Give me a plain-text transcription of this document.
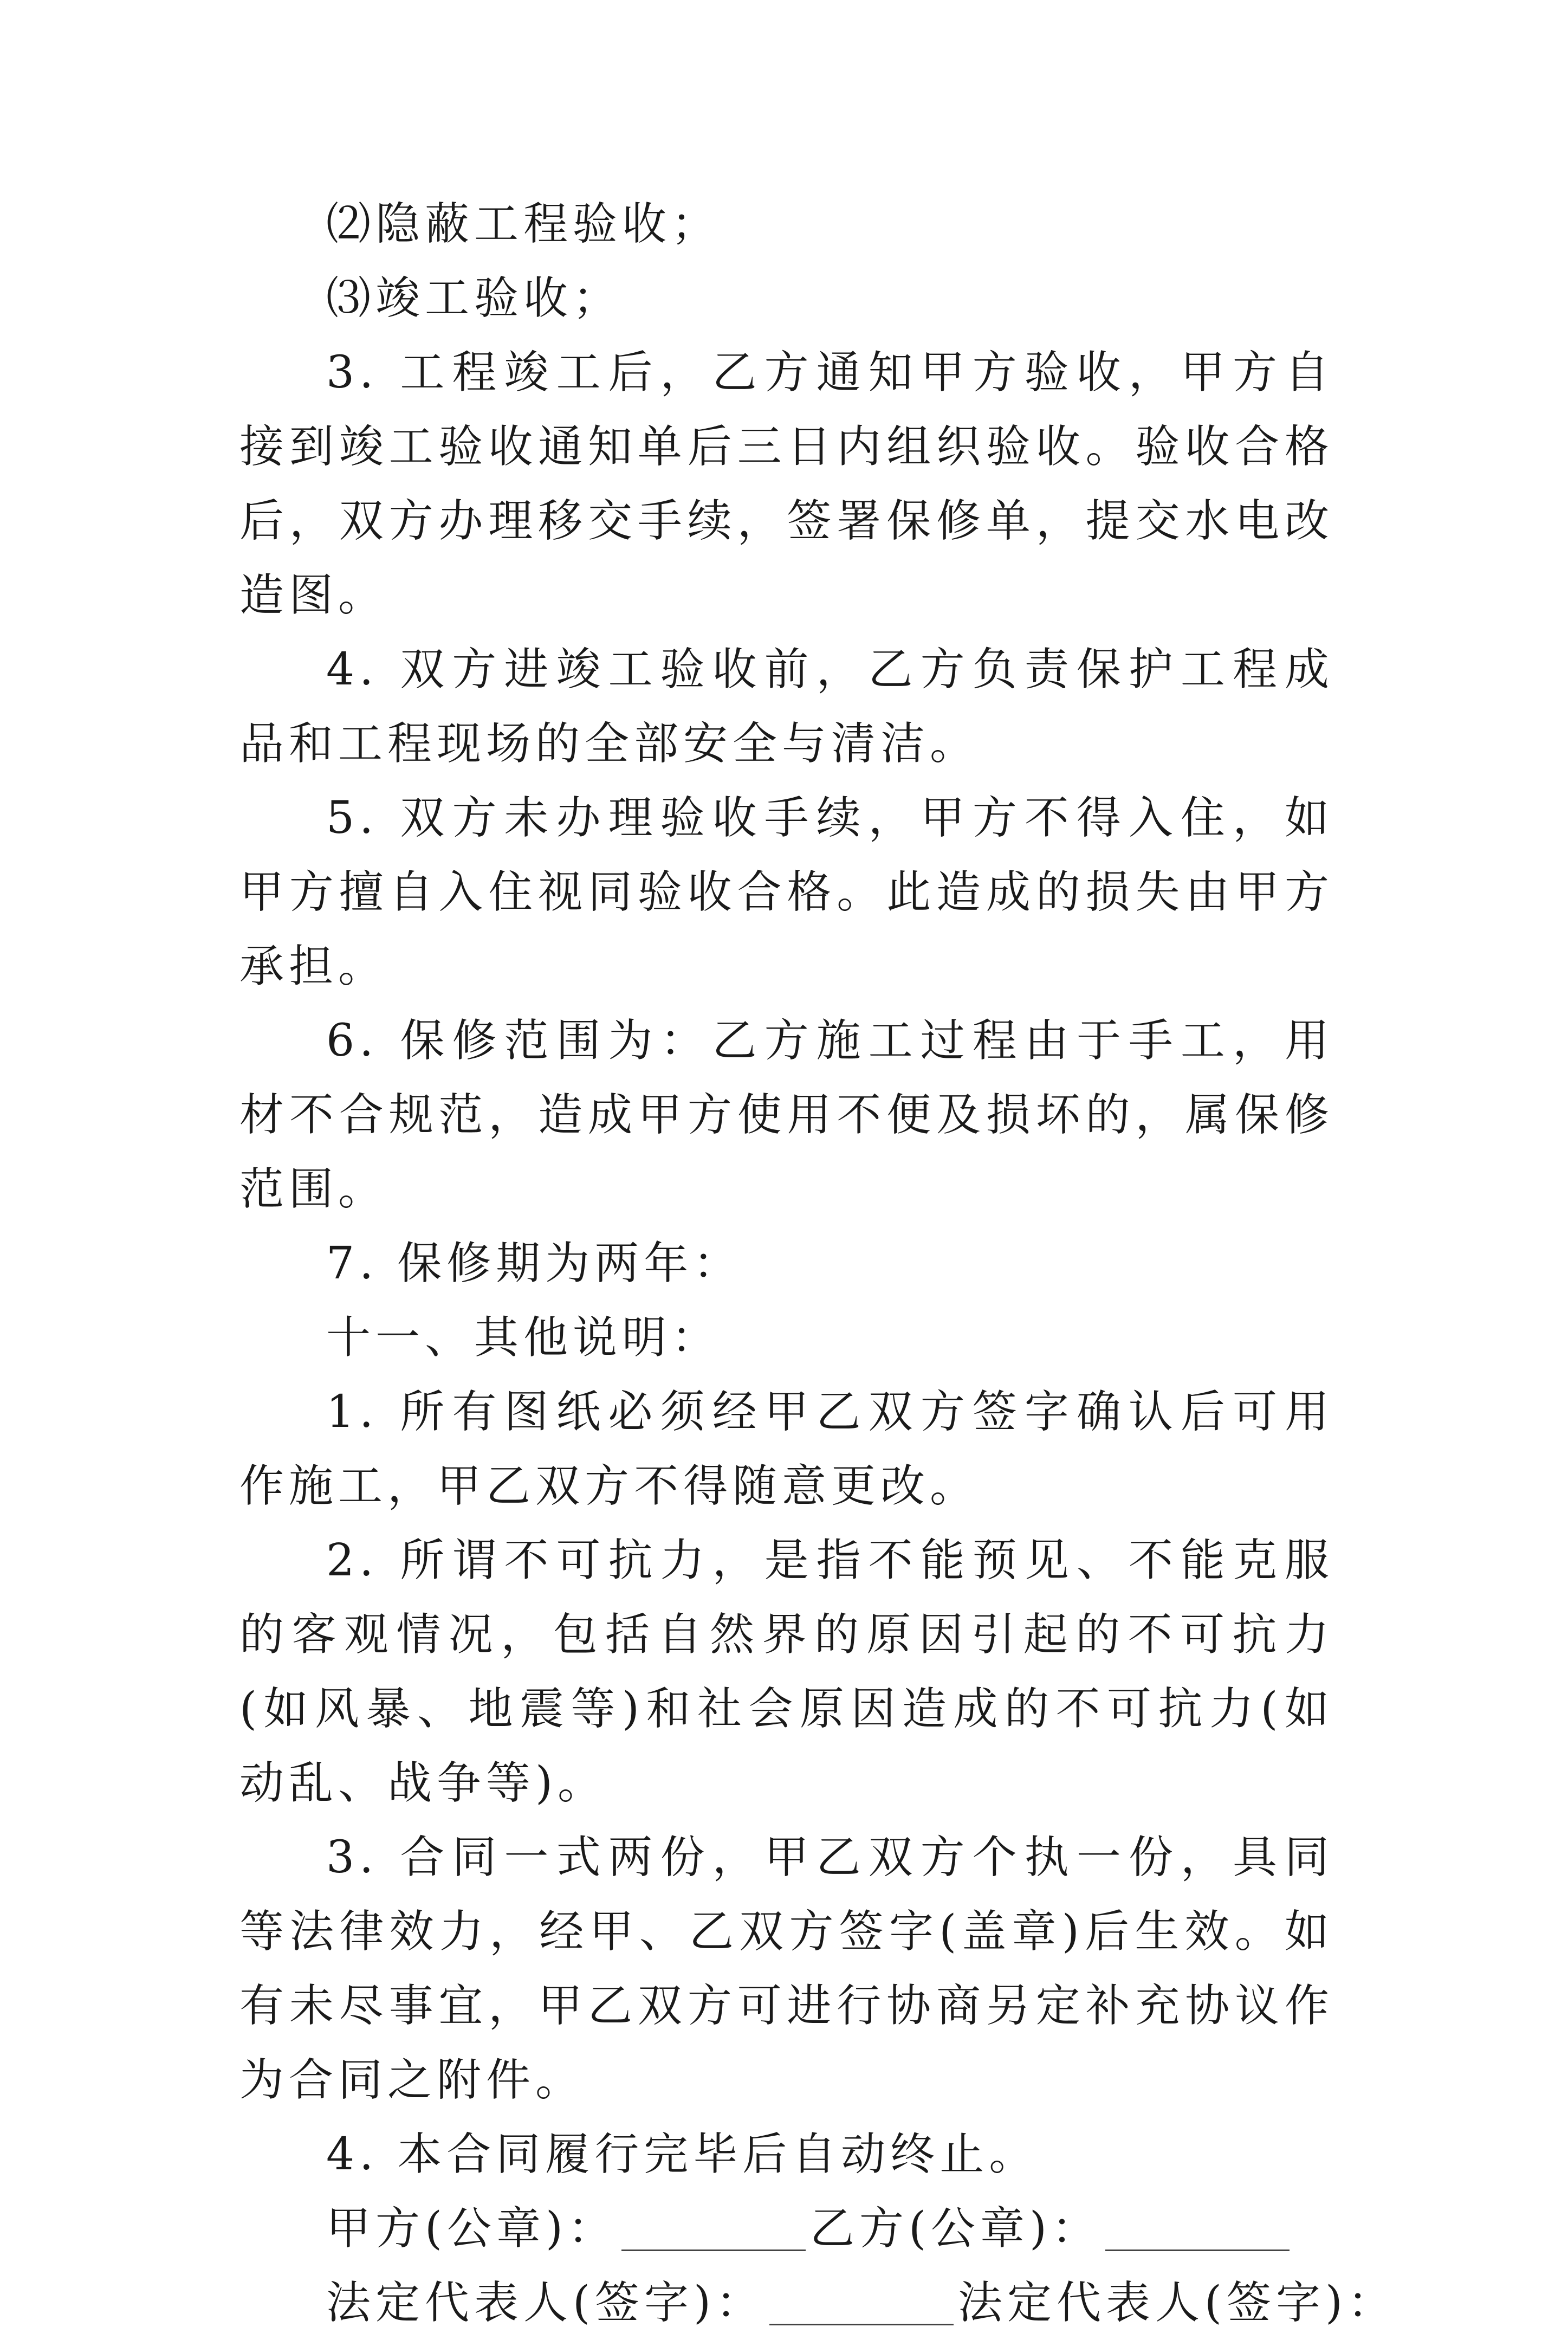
⑵隐蔽工程验收；

⑶竣工验收；

3. 工程竣工后，乙方通知甲方验收，甲方自接到竣工验收通知单后三日内组织验收。验收合格后，双方办理移交手续，签署保修单，提交水电改造图。

4. 双方进竣工验收前，乙方负责保护工程成品和工程现场的全部安全与清洁。

5. 双方未办理验收手续，甲方不得入住，如甲方擅自入住视同验收合格。此造成的损失由甲方承担。

6. 保修范围为：乙方施工过程由于手工，用材不合规范，造成甲方使用不便及损坏的，属保修范围。

7. 保修期为两年：

十一、其他说明：

1. 所有图纸必须经甲乙双方签字确认后可用作施工，甲乙双方不得随意更改。

2. 所谓不可抗力，是指不能预见、不能克服的客观情况，包括自然界的原因引起的不可抗力(如风暴、地震等)和社会原因造成的不可抗力(如动乱、战争等)。

3. 合同一式两份，甲乙双方个执一份，具同等法律效力，经甲、乙双方签字(盖章)后生效。如有未尽事宜，甲乙双方可进行协商另定补充协议作为合同之附件。

4. 本合同履行完毕后自动终止。

甲方(公章)：	乙方(公章)：

法定代表人(签字)：	法定代表人(签字)：
